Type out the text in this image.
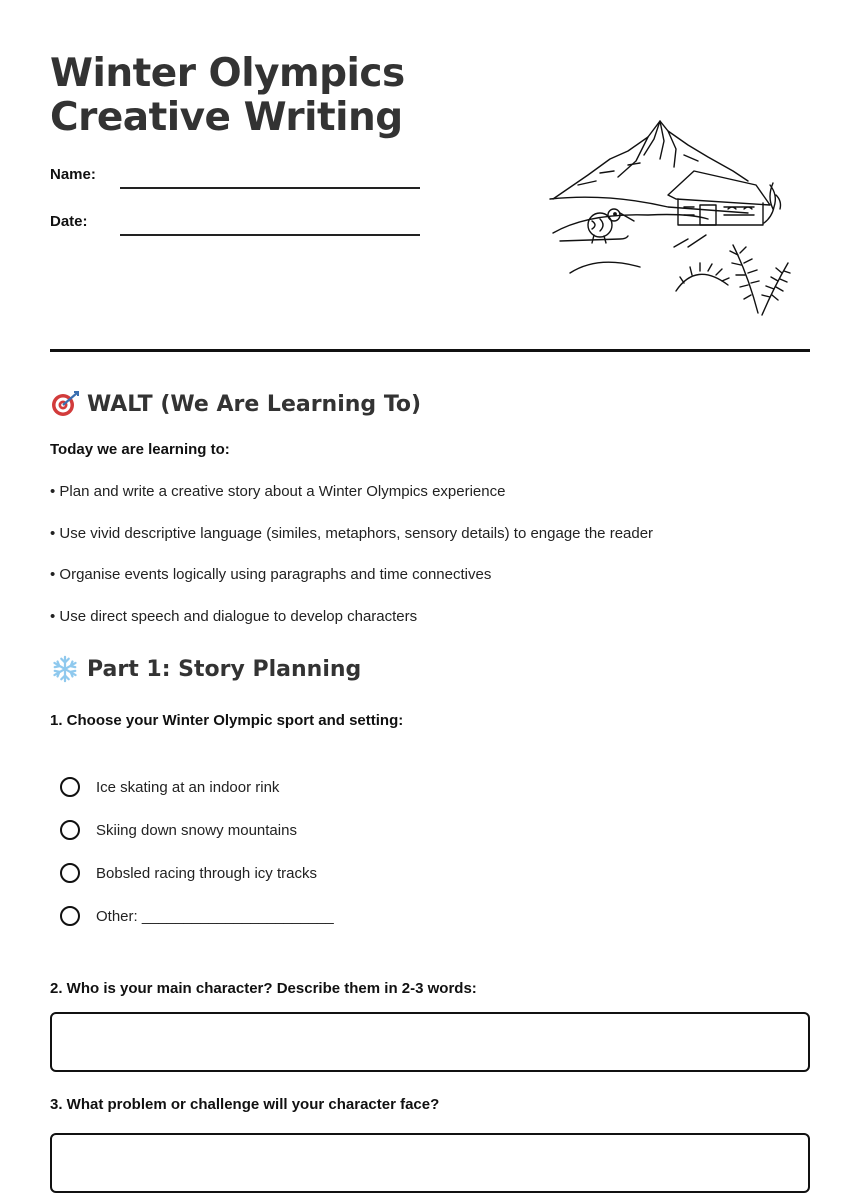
Winter Olympics
Creative Writing
Name:
Date:
WALT (We Are Learning To)
Today we are learning to:
• Plan and write a creative story about a Winter Olympics experience
• Use vivid descriptive language (similes, metaphors, sensory details) to engage the reader
• Organise events logically using paragraphs and time connectives
• Use direct speech and dialogue to develop characters
Part 1: Story Planning
1. Choose your Winter Olympic sport and setting:
Ice skating at an indoor rink
Skiing down snowy mountains
Bobsled racing through icy tracks
Other: _______________________
2. Who is your main character? Describe them in 2-3 words:
3. What problem or challenge will your character face?
